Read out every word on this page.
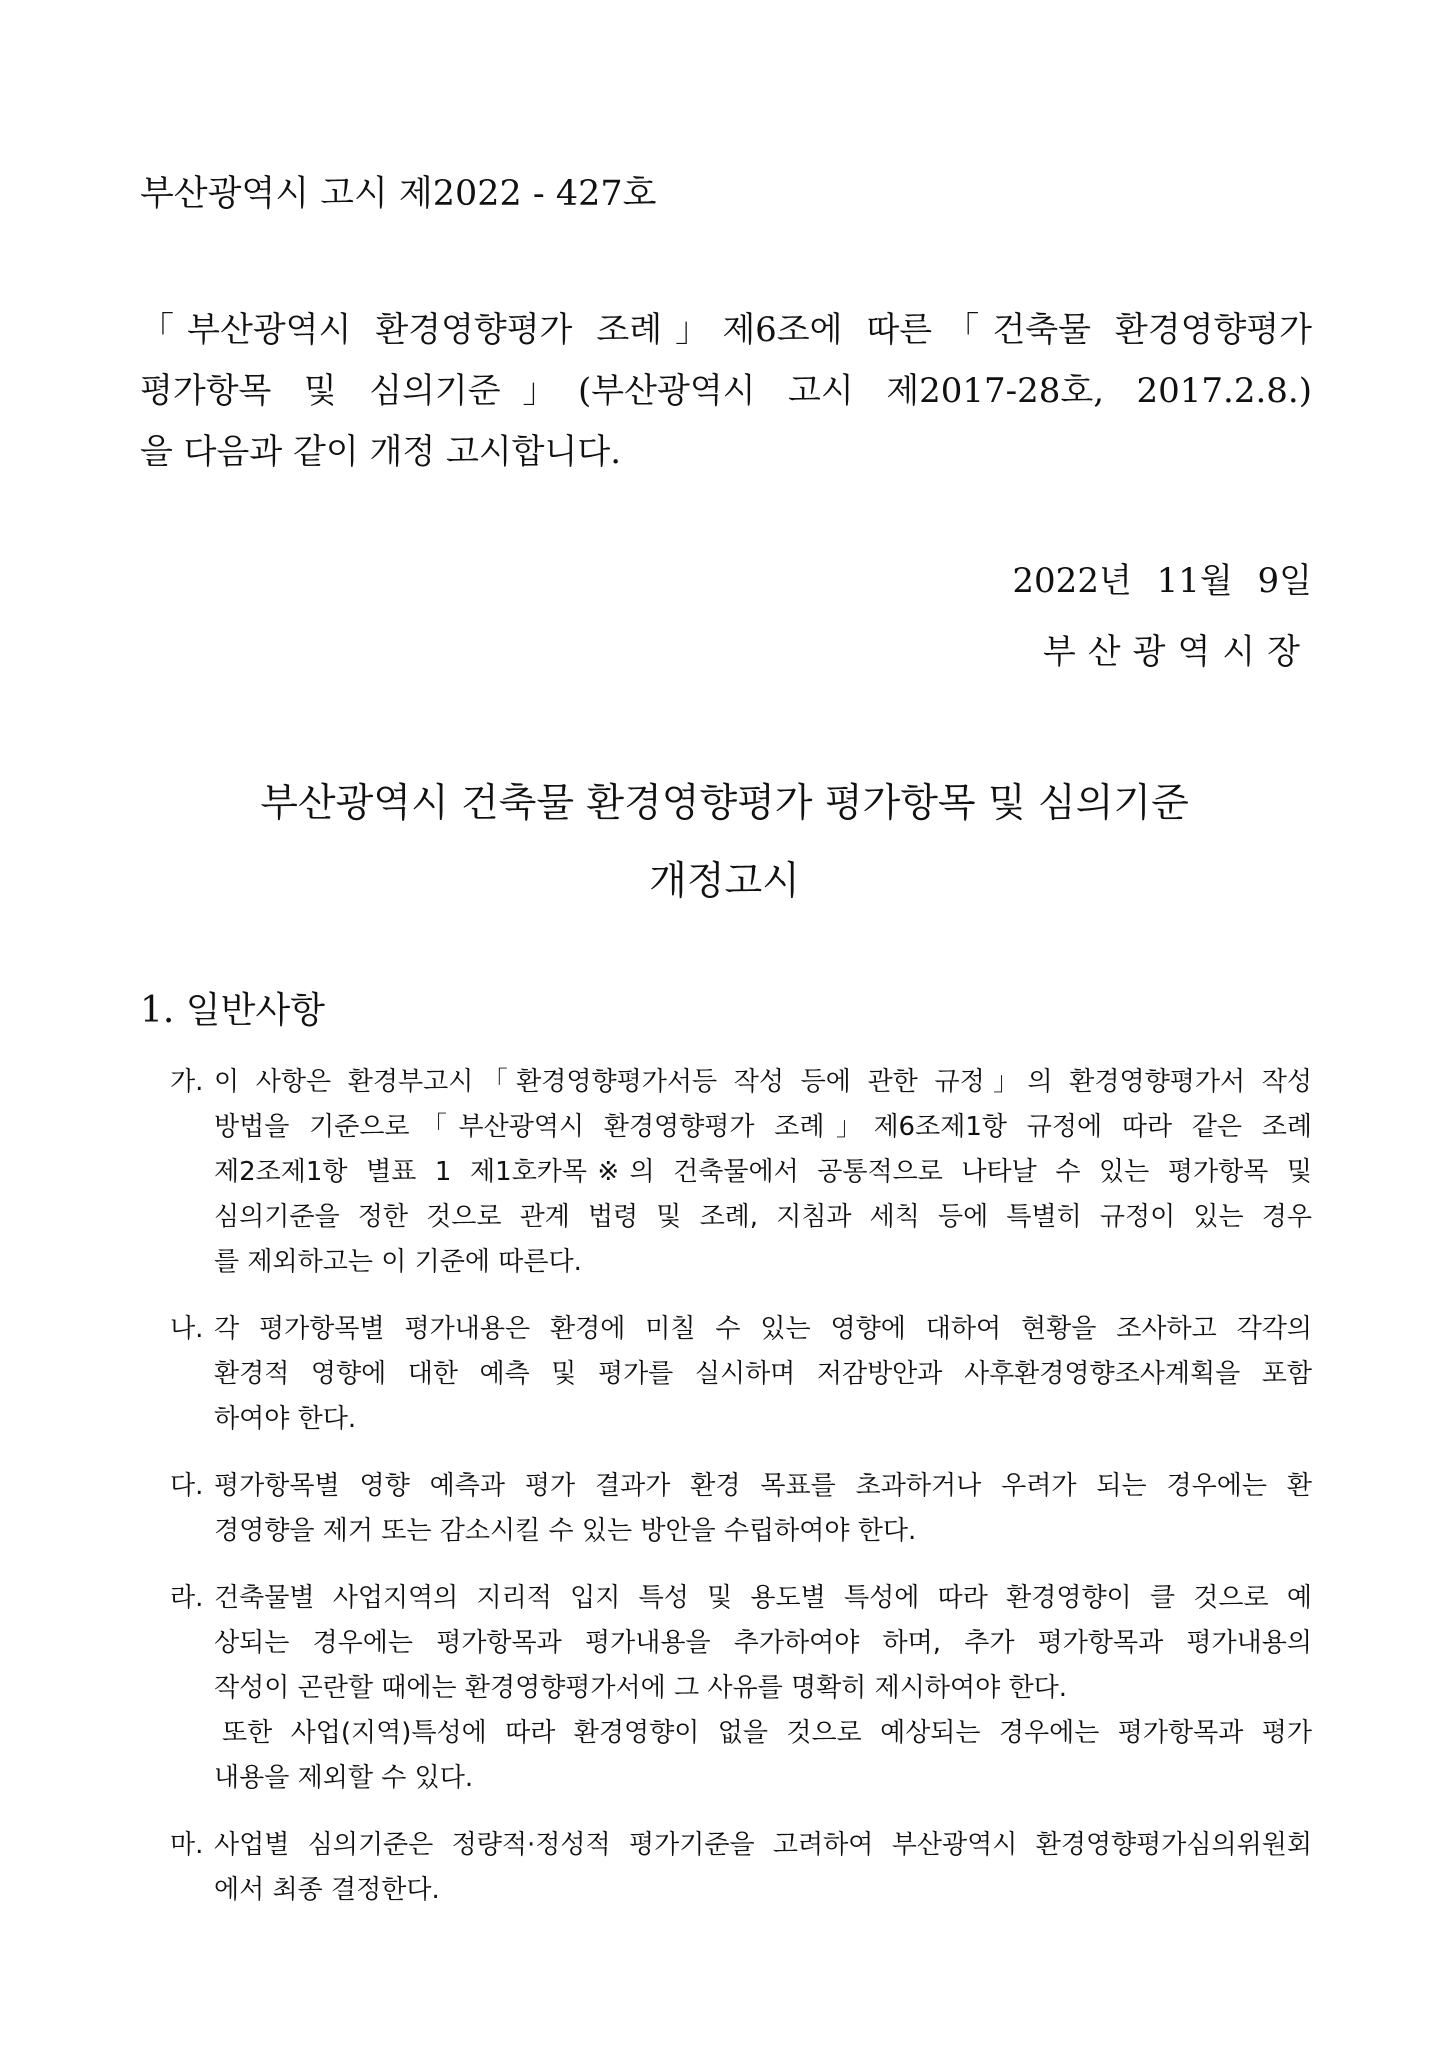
부산광역시 고시 제2022 - 427호

「부산광역시 환경영향평가 조례」제6조에 따른「건축물 환경영향평가
평가항목 및 심의기준」(부산광역시 고시 제2017-28호, 2017.2.8.)
을 다음과 같이 개정 고시합니다.

2022년 11월 9일
부산광역시장
부산광역시 건축물 환경영향평가 평가항목 및 심의기준
개정고시
1. 일반사항
가. 이 사항은 환경부고시「환경영향평가서등 작성 등에 관한 규정」의 환경영향평가서 작성
방법을 기준으로「부산광역시 환경영향평가 조례」제6조제1항 규정에 따라 같은 조례
제2조제1항 별표 1 제1호카목※의 건축물에서 공통적으로 나타날 수 있는 평가항목 및
심의기준을 정한 것으로 관계 법령 및 조례, 지침과 세칙 등에 특별히 규정이 있는 경우
를 제외하고는 이 기준에 따른다.
나. 각 평가항목별 평가내용은 환경에 미칠 수 있는 영향에 대하여 현황을 조사하고 각각의
환경적 영향에 대한 예측 및 평가를 실시하며 저감방안과 사후환경영향조사계획을 포함
하여야 한다.
다. 평가항목별 영향 예측과 평가 결과가 환경 목표를 초과하거나 우려가 되는 경우에는 환
경영향을 제거 또는 감소시킬 수 있는 방안을 수립하여야 한다.
라. 건축물별 사업지역의 지리적 입지 특성 및 용도별 특성에 따라 환경영향이 클 것으로 예
상되는 경우에는 평가항목과 평가내용을 추가하여야 하며, 추가 평가항목과 평가내용의
작성이 곤란할 때에는 환경영향평가서에 그 사유를 명확히 제시하여야 한다.
또한 사업(지역)특성에 따라 환경영향이 없을 것으로 예상되는 경우에는 평가항목과 평가
내용을 제외할 수 있다.
마. 사업별 심의기준은 정량적·정성적 평가기준을 고려하여 부산광역시 환경영향평가심의위원회
에서 최종 결정한다.
